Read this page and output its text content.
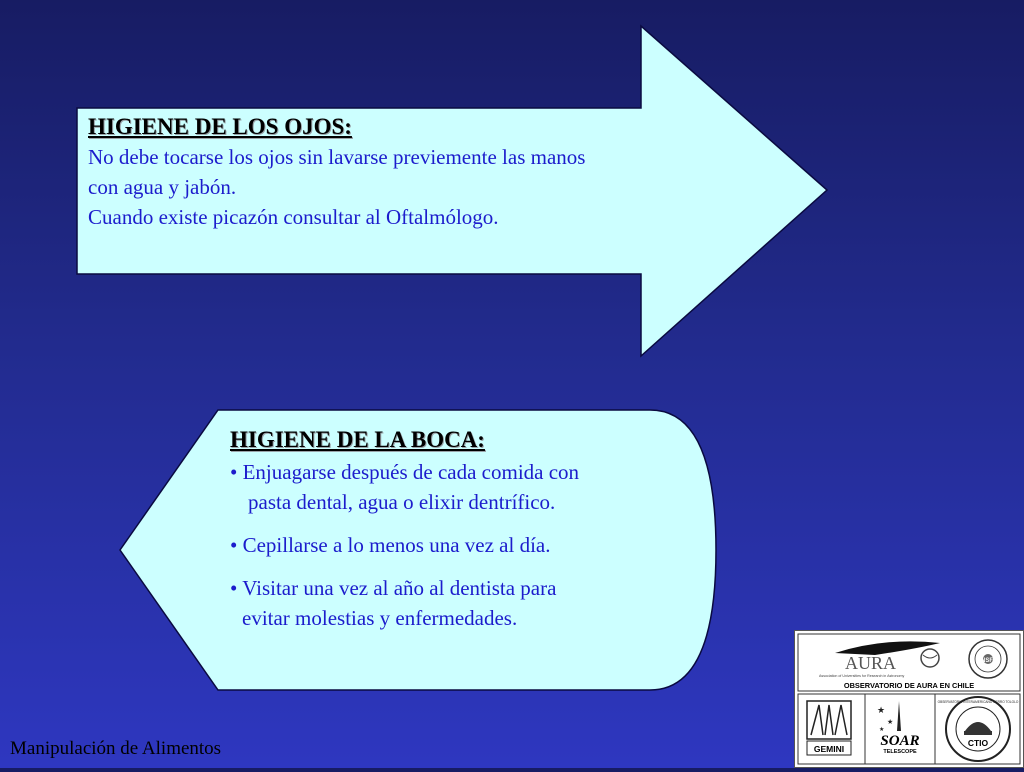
HIGIENE DE LOS OJOS:
No debe tocarse los ojos sin lavarse previemente las manos
con agua y jabón.
Cuando existe picazón consultar al Oftalmólogo.
HIGIENE DE LA BOCA:
• Enjuagarse después de cada comida con
pasta dental, agua o elixir dentrífico.
• Cepillarse a lo menos una vez al día.
• Visitar una vez al año al dentista para
evitar molestias y enfermedades.
Manipulación de Alimentos
AURA
Association of Universities for Research in Astronomy
NSF
OBSERVATORIO DE AURA EN CHILE
GEMINI
★
★
★
SOAR
TELESCOPE
CTIO
OBSERVATORIO INTERAMERICANO CERRO TOLOLO
